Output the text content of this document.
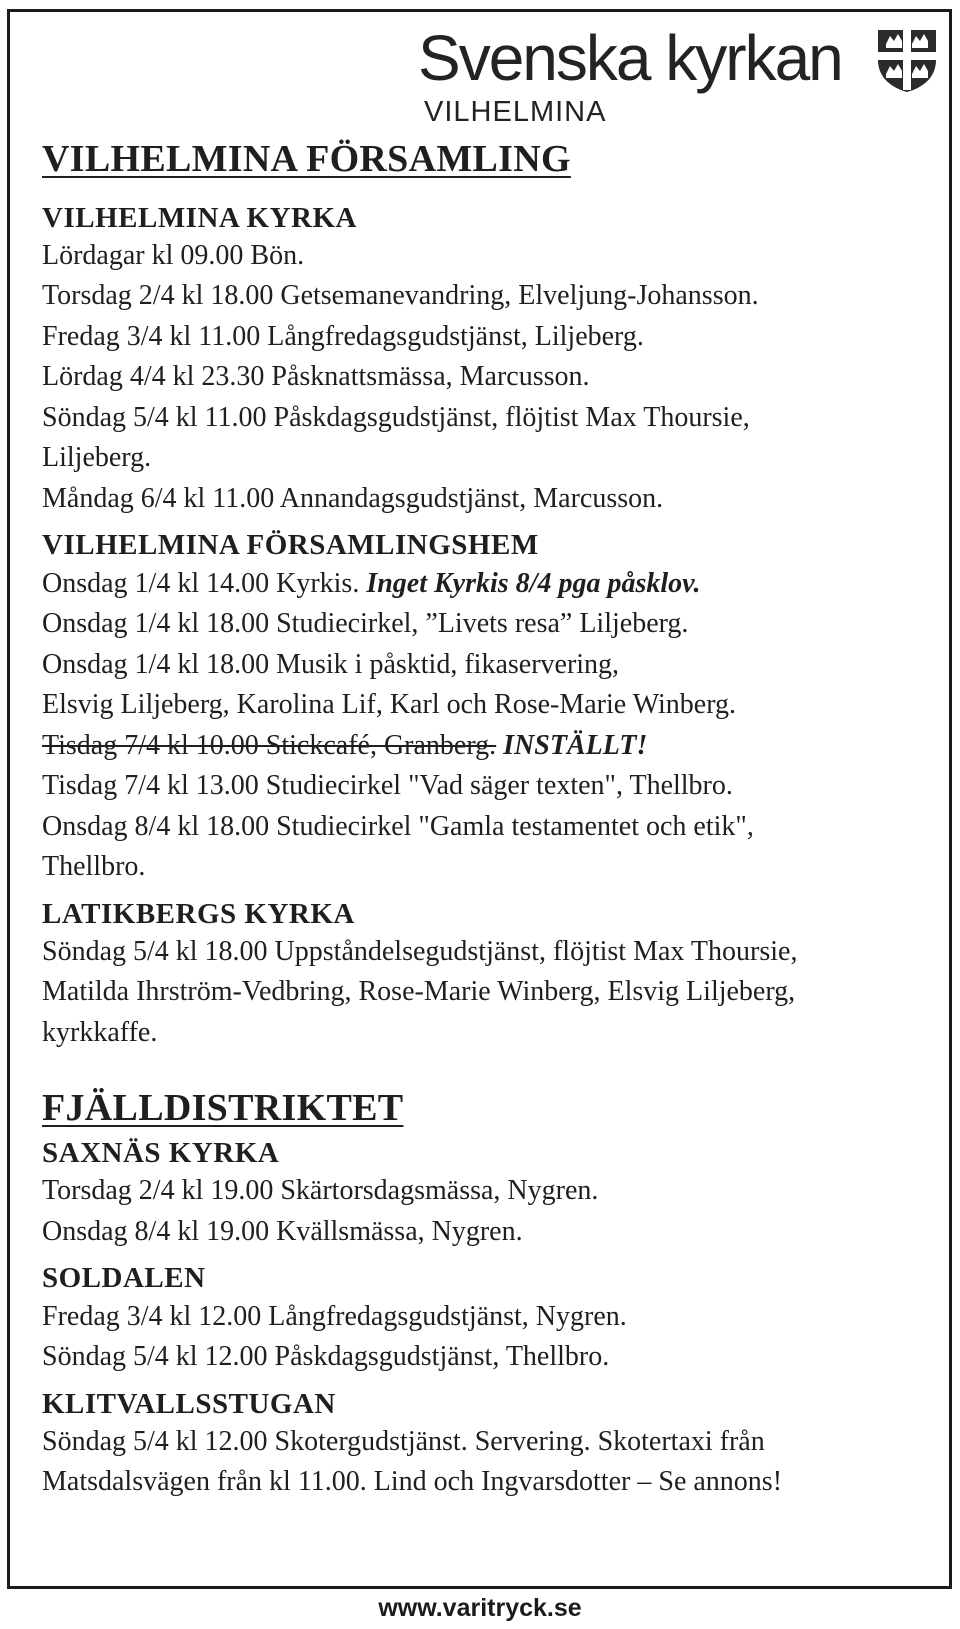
Svenska kyrkan
VILHELMINA
VILHELMINA FÖRSAMLING
VILHELMINA KYRKA

Lördagar kl 09.00 Bön.

Torsdag 2/4 kl 18.00 Getsemanevandring, Elveljung-Johansson.

Fredag 3/4 kl 11.00 Långfredagsgudstjänst, Liljeberg.

Lördag 4/4 kl 23.30 Påsknattsmässa, Marcusson.

Söndag 5/4 kl 11.00 Påskdagsgudstjänst, flöjtist Max Thoursie,

Liljeberg.

Måndag 6/4 kl 11.00 Annandagsgudstjänst, Marcusson.

VILHELMINA FÖRSAMLINGSHEM

Onsdag 1/4 kl 14.00 Kyrkis. Inget Kyrkis 8/4 pga påsklov.

Onsdag 1/4 kl 18.00 Studiecirkel, ”Livets resa” Liljeberg.

Onsdag 1/4 kl 18.00 Musik i påsktid, fikaservering,

Elsvig Liljeberg, Karolina Lif, Karl och Rose-Marie Winberg.

Tisdag 7/4 kl 10.00 Stickcafé, Granberg. INSTÄLLT!

Tisdag 7/4 kl 13.00 Studiecirkel "Vad säger texten", Thellbro.

Onsdag 8/4 kl 18.00 Studiecirkel "Gamla testamentet och etik",

Thellbro.

LATIKBERGS KYRKA

Söndag 5/4 kl 18.00 Uppståndelsegudstjänst, flöjtist Max Thoursie,

Matilda Ihrström-Vedbring, Rose-Marie Winberg, Elsvig Liljeberg,

kyrkkaffe.

FJÄLLDISTRIKTET
SAXNÄS KYRKA

Torsdag 2/4 kl 19.00 Skärtorsdagsmässa, Nygren.

Onsdag 8/4 kl 19.00 Kvällsmässa, Nygren.

SOLDALEN

Fredag 3/4 kl 12.00 Långfredagsgudstjänst, Nygren.

Söndag 5/4 kl 12.00 Påskdagsgudstjänst, Thellbro.

KLITVALLSSTUGAN

Söndag 5/4 kl 12.00 Skotergudstjänst. Servering. Skotertaxi från

Matsdalsvägen från kl 11.00. Lind och Ingvarsdotter – Se annons!

www.varitryck.se
